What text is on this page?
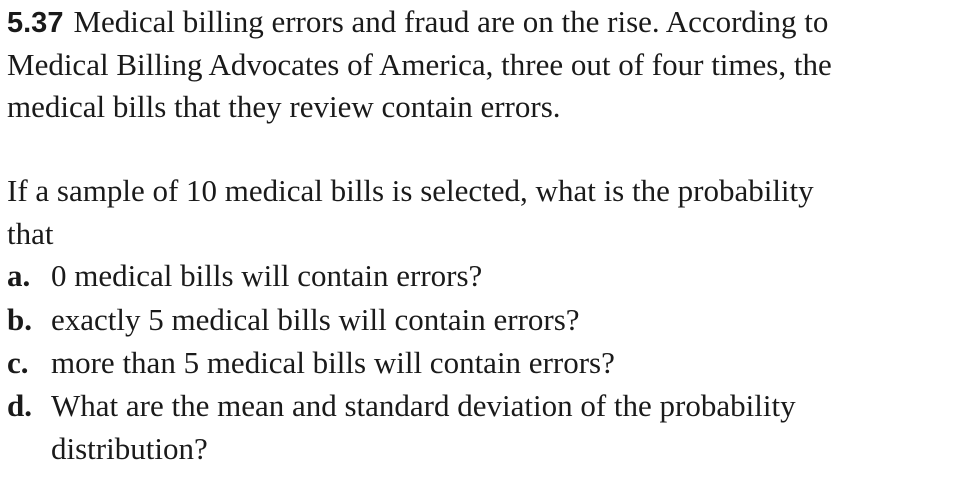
5.37 Medical billing errors and fraud are on the rise. According to
Medical Billing Advocates of America, three out of four times, the
medical bills that they review contain errors.
If a sample of 10 medical bills is selected, what is the probability
that
a. 0 medical bills will contain errors?
b. exactly 5 medical bills will contain errors?
c. more than 5 medical bills will contain errors?
d. What are the mean and standard deviation of the probability
distribution?
